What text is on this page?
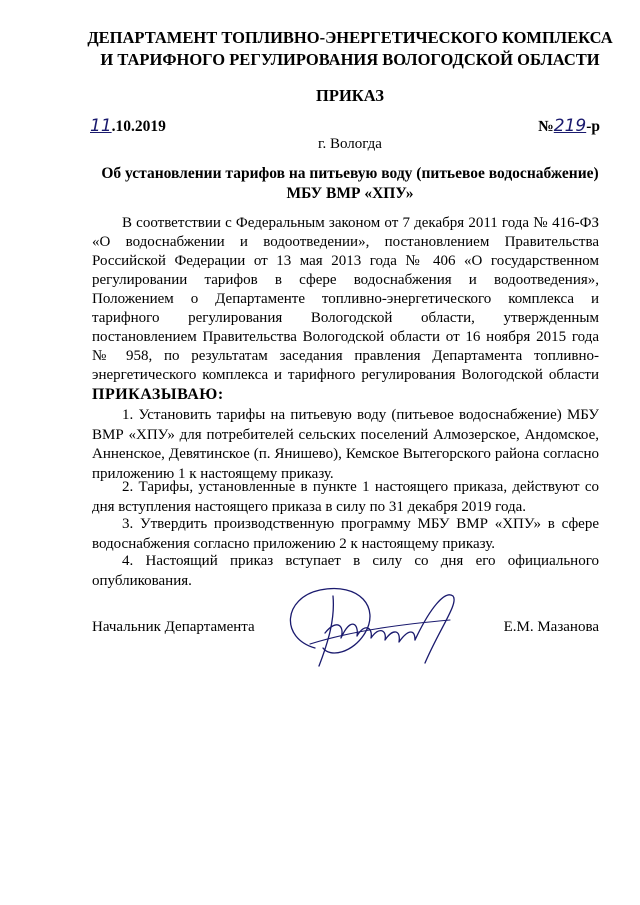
ДЕПАРТАМЕНТ ТОПЛИВНО-ЭНЕРГЕТИЧЕСКОГО КОМПЛЕКСА
И ТАРИФНОГО РЕГУЛИРОВАНИЯ ВОЛОГОДСКОЙ ОБЛАСТИ
ПРИКАЗ
11.10.2019	№219-р
г. Вологда
Об установлении тарифов на питьевую воду (питьевое водоснабжение)
МБУ ВМР «ХПУ»
В соответствии с Федеральным законом от 7 декабря 2011 года № 416-ФЗ «О водоснабжении и водоотведении», постановлением Правительства Российской Федерации от 13 мая 2013 года № 406 «О государственном регулировании тарифов в сфере водоснабжения и водоотведения», Положением о Департаменте топливно-энергетического комплекса и тарифного регулирования Вологодской области, утвержденным постановлением Правительства Вологодской области от 16 ноября 2015 года № 958, по результатам заседания правления Департамента топливно-энергетического комплекса и тарифного регулирования Вологодской области ПРИКАЗЫВАЮ:
1. Установить тарифы на питьевую воду (питьевое водоснабжение) МБУ ВМР «ХПУ» для потребителей сельских поселений Алмозерское, Андомское, Анненское, Девятинское (п. Янишево), Кемское Вытегорского района согласно приложению 1 к настоящему приказу.
2. Тарифы, установленные в пункте 1 настоящего приказа, действуют со дня вступления настоящего приказа в силу по 31 декабря 2019 года.
3. Утвердить производственную программу МБУ ВМР «ХПУ» в сфере водоснабжения согласно приложению 2 к настоящему приказу.
4. Настоящий приказ вступает в силу со дня его официального опубликования.
Начальник Департамента	Е.М. Мазанова
